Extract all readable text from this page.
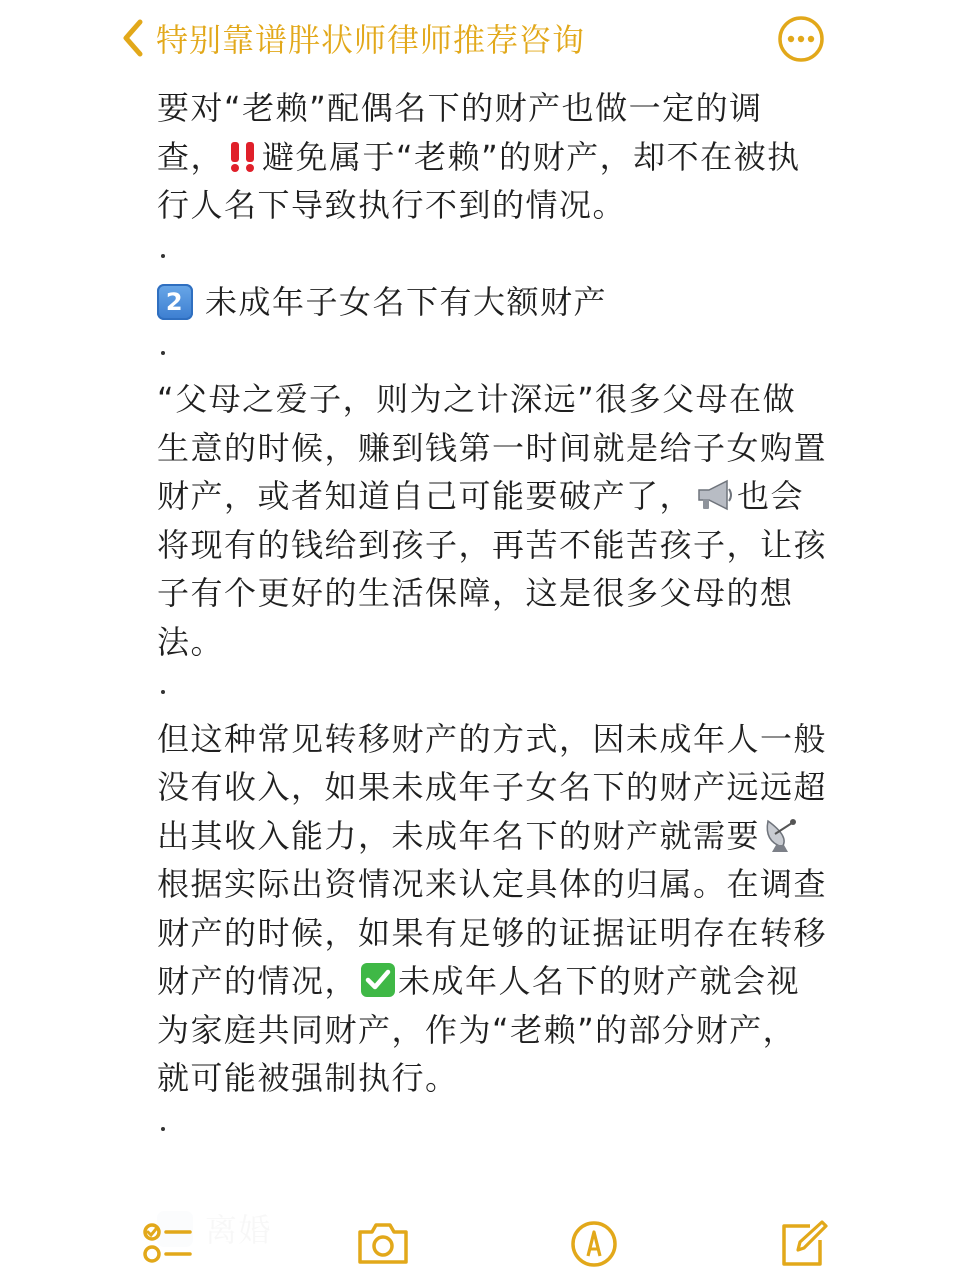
特别靠谱胖状师律师推荐咨询

要对“老赖”配偶名下的财产也做一定的调查， 避免属于“老赖”的财产，却不在被执行人名下导致执行不到的情况。

2 未成年子女名下有大额财产

“父母之爱子，则为之计深远”很多父母在做生意的时候，赚到钱第一时间就是给子女购置财产，或者知道自己可能要破产了， 也会将现有的钱给到孩子，再苦不能苦孩子，让孩子有个更好的生活保障，这是很多父母的想法。

但这种常见转移财产的方式，因未成年人一般没有收入，如果未成年子女名下的财产远远超出其收入能力，未成年名下的财产就需要根据实际出资情况来认定具体的归属。在调查财产的时候，如果有足够的证据证明存在转移财产的情况， 未成年人名下的财产就会视为家庭共同财产，作为“老赖”的部分财产，就可能被强制执行。
